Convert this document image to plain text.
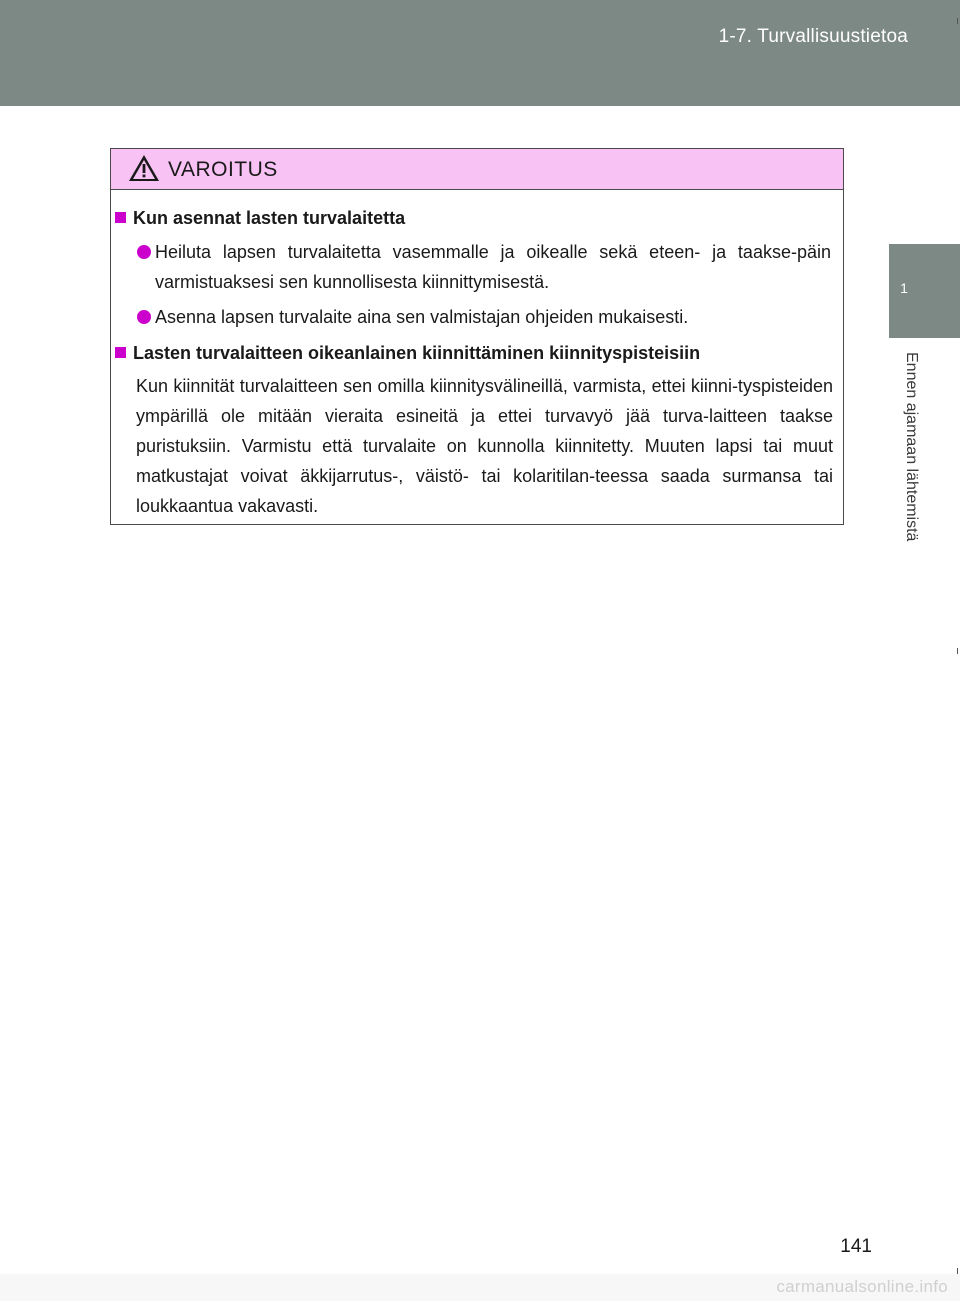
1-7. Turvallisuustietoa
1
Ennen ajamaan lähtemistä
VAROITUS
Kun asennat lasten turvalaitetta
Heiluta lapsen turvalaitetta vasemmalle ja oikealle sekä eteen- ja taakse-päin varmistuaksesi sen kunnollisesta kiinnittymisestä.
Asenna lapsen turvalaite aina sen valmistajan ohjeiden mukaisesti.
Lasten turvalaitteen oikeanlainen kiinnittäminen kiinnityspisteisiin
Kun kiinnität turvalaitteen sen omilla kiinnitysvälineillä, varmista, ettei kiinni-tyspisteiden ympärillä ole mitään vieraita esineitä ja ettei turvavyö jää turva-laitteen taakse puristuksiin. Varmistu että turvalaite on kunnolla kiinnitetty. Muuten lapsi tai muut matkustajat voivat äkkijarrutus-, väistö- tai kolaritilan-teessa saada surmansa tai loukkaantua vakavasti.
141
carmanualsonline.info
